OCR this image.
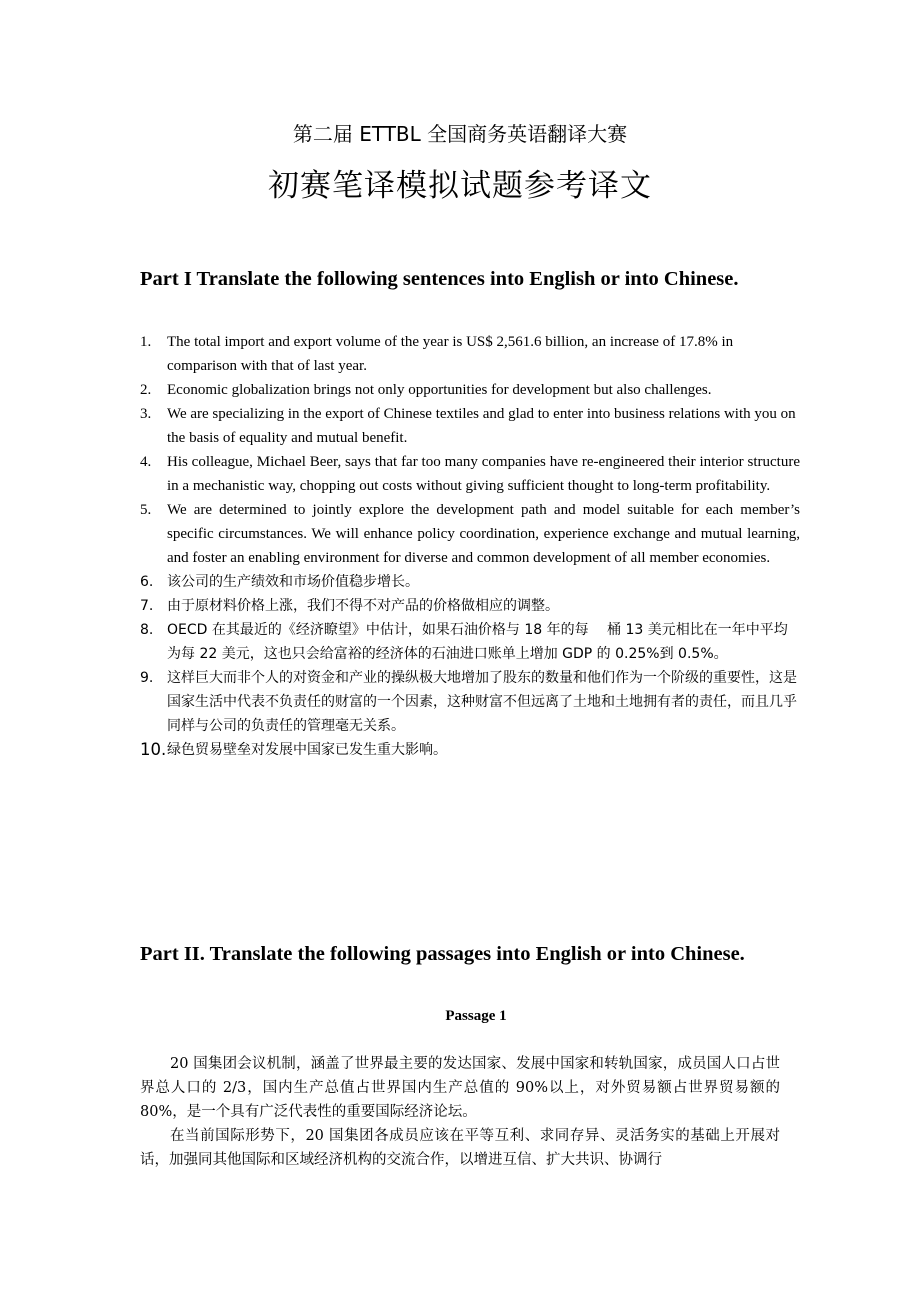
第二届 ETTBL 全国商务英语翻译大赛
初赛笔译模拟试题参考译文
Part I Translate the following sentences into English or into Chinese.
1.	The total import and export volume of the year is US$ 2,561.6 billion, an increase of 17.8% in comparison with that of last year.
2.	Economic globalization brings not only opportunities for development but also challenges.
3.	We are specializing in the export of Chinese textiles and glad to enter into business relations with you on the basis of equality and mutual benefit.
4.	His colleague, Michael Beer, says that far too many companies have re-engineered their interior structure in a mechanistic way, chopping out costs without giving sufficient thought to long-term profitability.
5.	We are determined to jointly explore the development path and model suitable for each member’s specific circumstances. We will enhance policy coordination, experience exchange and mutual learning, and foster an enabling environment for diverse and common development of all member economies.
6. 该公司的生产绩效和市场价值稳步增长。
7. 由于原材料价格上涨，我们不得不对产品的价格做相应的调整。
8. OECD 在其最近的《经济瞭望》中估计，如果石油价格与 18 年的每　 桶 13 美元相比在一年中平均为每 22 美元，这也只会给富裕的经济体的石油进口账单上增加 GDP 的 0.25%到 0.5%。
9. 这样巨大而非个人的对资金和产业的操纵极大地增加了股东的数量和他们作为一个阶级的重要性，这是国家生活中代表不负责任的财富的一个因素，这种财富不但远离了土地和土地拥有者的责任，而且几乎同样与公司的负责任的管理毫无关系。
10. 绿色贸易壁垒对发展中国家已发生重大影响。
Part II. Translate the following passages into English or into Chinese.
Passage 1
20 国集团会议机制，涵盖了世界最主要的发达国家、发展中国家和转轨国家，成员国人口占世界总人口的 2/3，国内生产总值占世界国内生产总值的 90%以上，对外贸易额占世界贸易额的 80%，是一个具有广泛代表性的重要国际经济论坛。
在当前国际形势下，20 国集团各成员应该在平等互利、求同存异、灵活务实的基础上开展对话，加强同其他国际和区域经济机构的交流合作，以增进互信、扩大共识、协调行
